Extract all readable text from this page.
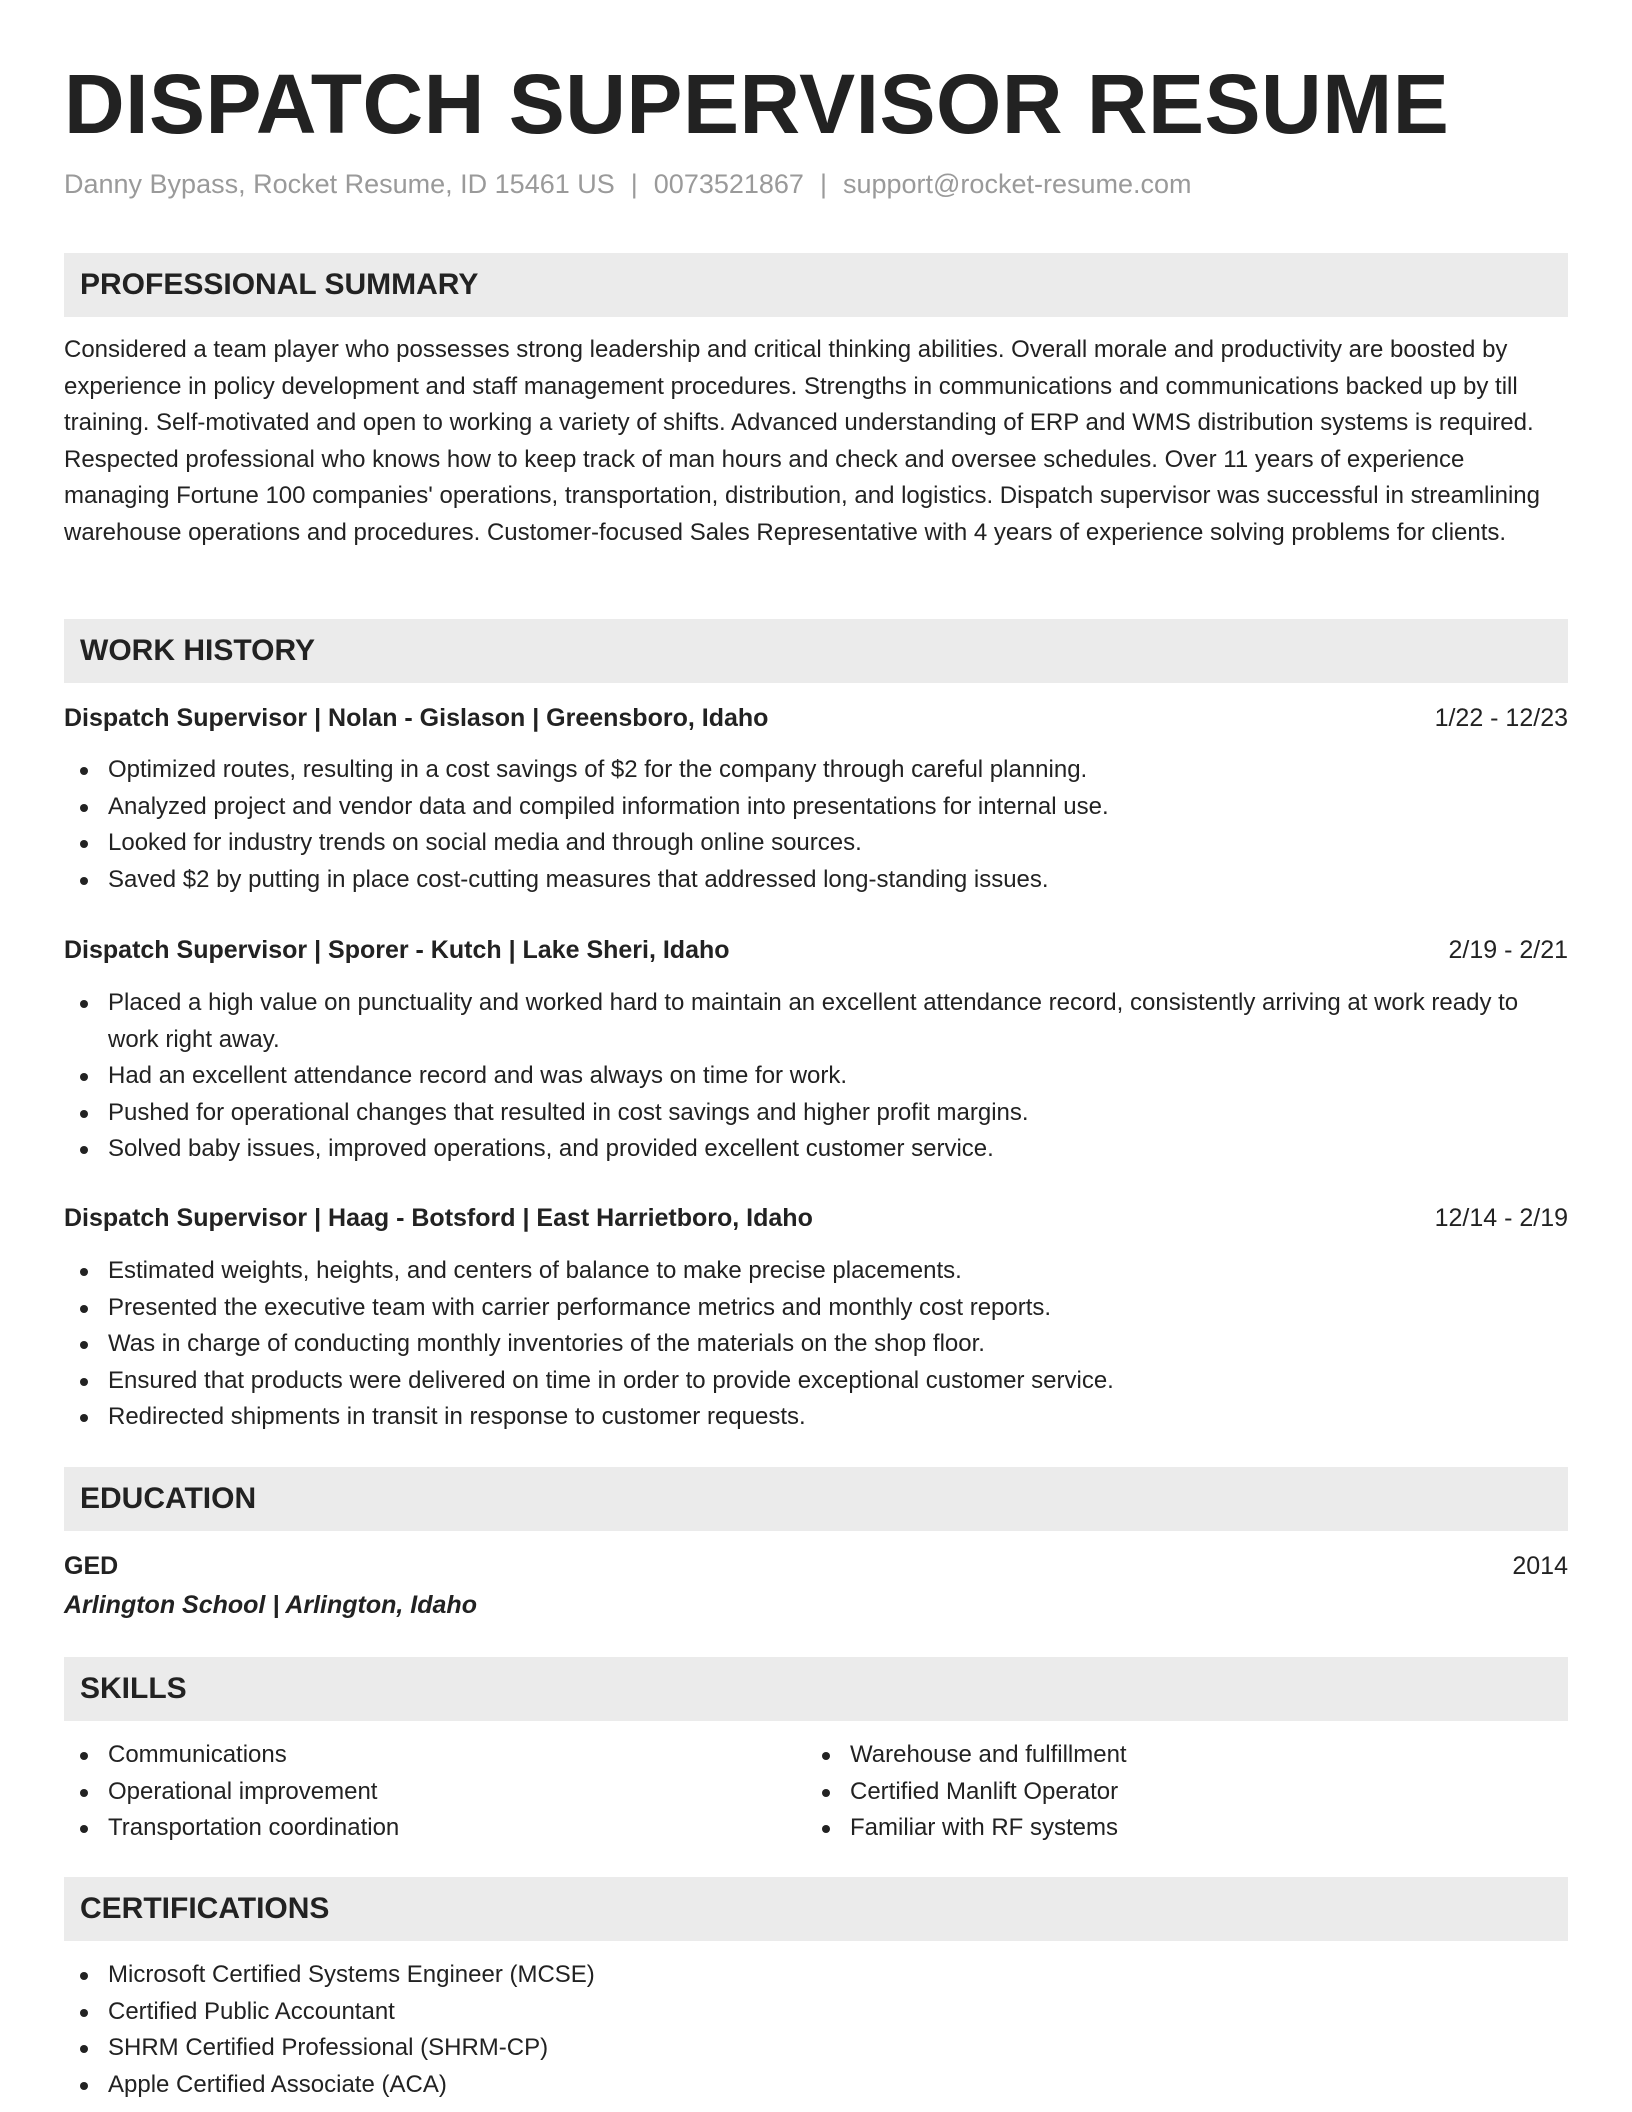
DISPATCH SUPERVISOR RESUME
Danny Bypass, Rocket Resume, ID 15461 US | 0073521867 | support@rocket-resume.com
PROFESSIONAL SUMMARY
Considered a team player who possesses strong leadership and critical thinking abilities. Overall morale and productivity are boosted by experience in policy development and staff management procedures. Strengths in communications and communications backed up by till training. Self-motivated and open to working a variety of shifts. Advanced understanding of ERP and WMS distribution systems is required. Respected professional who knows how to keep track of man hours and check and oversee schedules. Over 11 years of experience managing Fortune 100 companies' operations, transportation, distribution, and logistics. Dispatch supervisor was successful in streamlining warehouse operations and procedures. Customer-focused Sales Representative with 4 years of experience solving problems for clients.
WORK HISTORY
Dispatch Supervisor | Nolan - Gislason | Greensboro, Idaho	1/22 - 12/23
Optimized routes, resulting in a cost savings of $2 for the company through careful planning.
Analyzed project and vendor data and compiled information into presentations for internal use.
Looked for industry trends on social media and through online sources.
Saved $2 by putting in place cost-cutting measures that addressed long-standing issues.
Dispatch Supervisor | Sporer - Kutch | Lake Sheri, Idaho	2/19 - 2/21
Placed a high value on punctuality and worked hard to maintain an excellent attendance record, consistently arriving at work ready to work right away.
Had an excellent attendance record and was always on time for work.
Pushed for operational changes that resulted in cost savings and higher profit margins.
Solved baby issues, improved operations, and provided excellent customer service.
Dispatch Supervisor | Haag - Botsford | East Harrietboro, Idaho	12/14 - 2/19
Estimated weights, heights, and centers of balance to make precise placements.
Presented the executive team with carrier performance metrics and monthly cost reports.
Was in charge of conducting monthly inventories of the materials on the shop floor.
Ensured that products were delivered on time in order to provide exceptional customer service.
Redirected shipments in transit in response to customer requests.
EDUCATION
GED	2014
Arlington School | Arlington, Idaho
SKILLS
Communications
Operational improvement
Transportation coordination
Warehouse and fulfillment
Certified Manlift Operator
Familiar with RF systems
CERTIFICATIONS
Microsoft Certified Systems Engineer (MCSE)
Certified Public Accountant
SHRM Certified Professional (SHRM-CP)
Apple Certified Associate (ACA)
